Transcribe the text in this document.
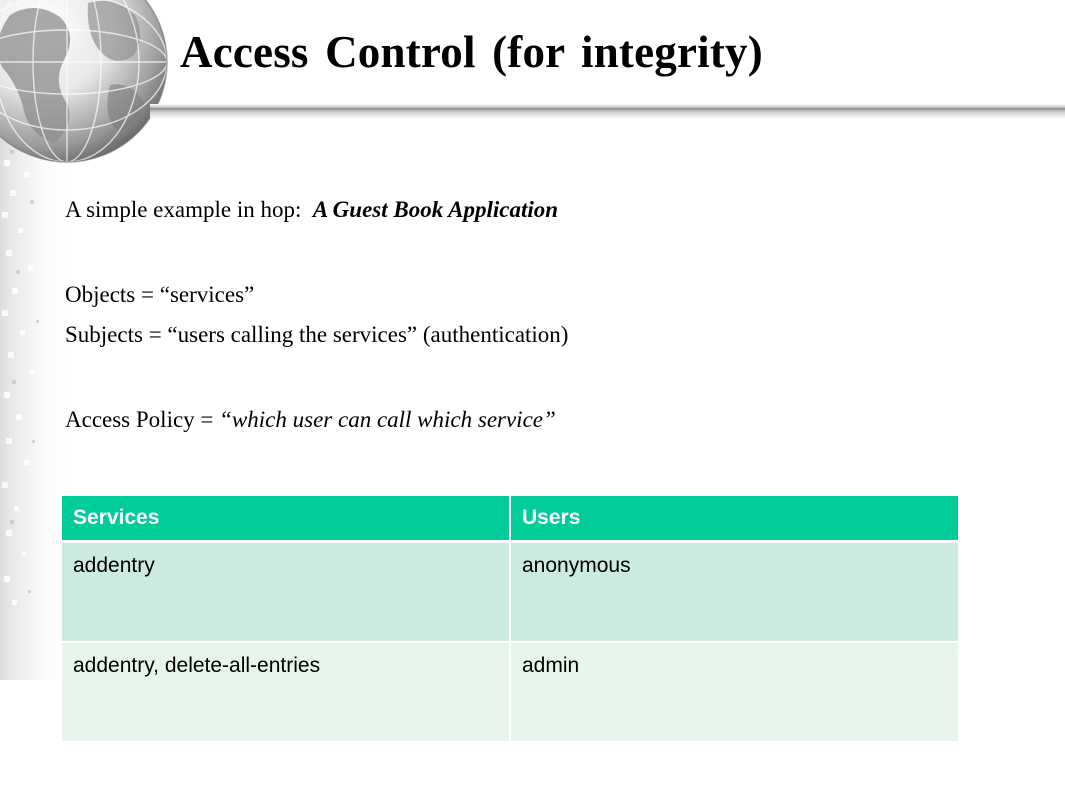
Access Control (for integrity)
A simple example in hop: A Guest Book Application
Objects = “services”
Subjects = “users calling the services” (authentication)
Access Policy = “which user can call which service”
Services	Users
addentry	anonymous
addentry, delete-all-entries	admin
